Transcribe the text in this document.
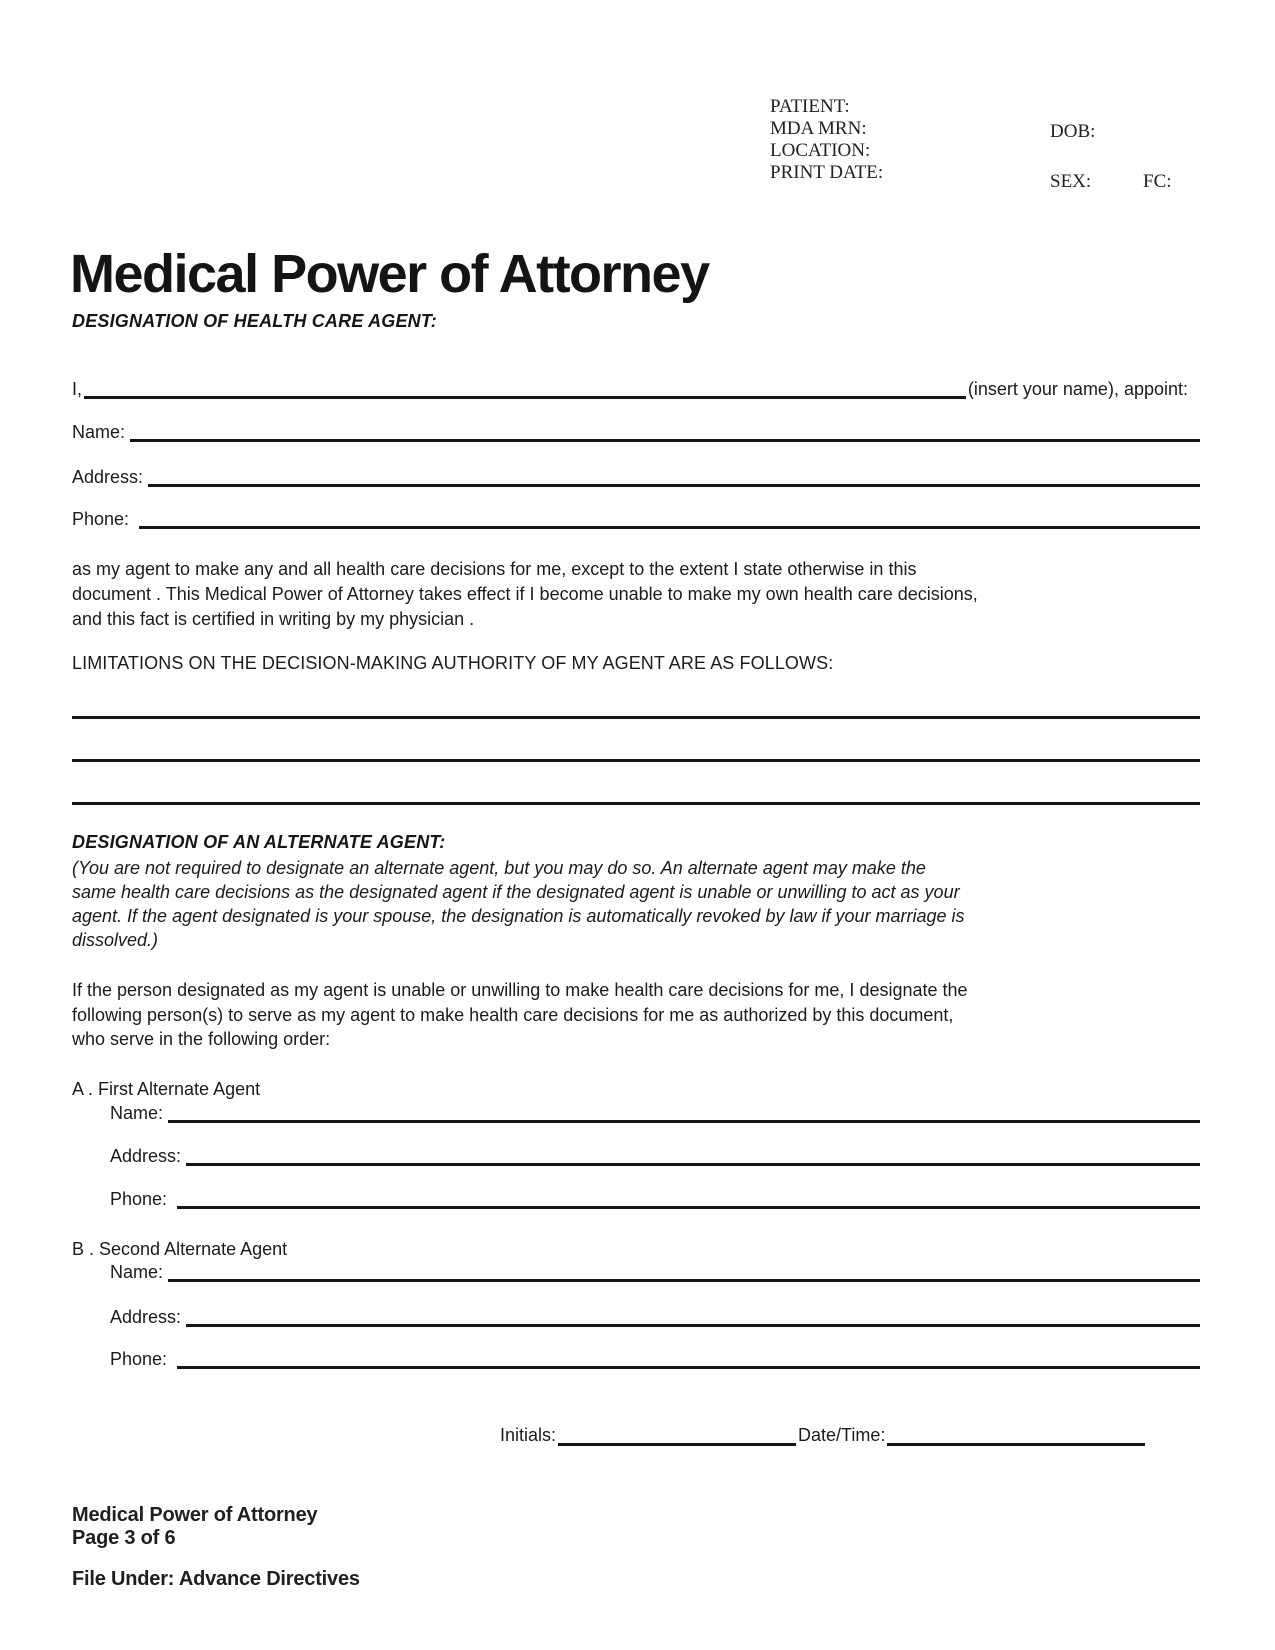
PATIENT:
MDA MRN:
LOCATION:
PRINT DATE:
DOB:
SEX:	FC:
Medical Power of Attorney
DESIGNATION OF HEALTH CARE AGENT:
I,	(insert your name), appoint:
Name:
Address:
Phone:
as my agent to make any and all health care decisions for me, except to the extent I state otherwise in this
document . This Medical Power of Attorney takes effect if I become unable to make my own health care decisions,
and this fact is certified in writing by my physician .
LIMITATIONS ON THE DECISION-MAKING AUTHORITY OF MY AGENT ARE AS FOLLOWS:
DESIGNATION OF AN ALTERNATE AGENT:
(You are not required to designate an alternate agent, but you may do so. An alternate agent may make the
same health care decisions as the designated agent if the designated agent is unable or unwilling to act as your
agent. If the agent designated is your spouse, the designation is automatically revoked by law if your marriage is
dissolved.)
If the person designated as my agent is unable or unwilling to make health care decisions for me, I designate the
following person(s) to serve as my agent to make health care decisions for me as authorized by this document,
who serve in the following order:
A . First Alternate Agent
Name:
Address:
Phone:
B . Second Alternate Agent
Name:
Address:
Phone:
Initials:	Date/Time:
Medical Power of Attorney
Page 3 of 6
File Under: Advance Directives
